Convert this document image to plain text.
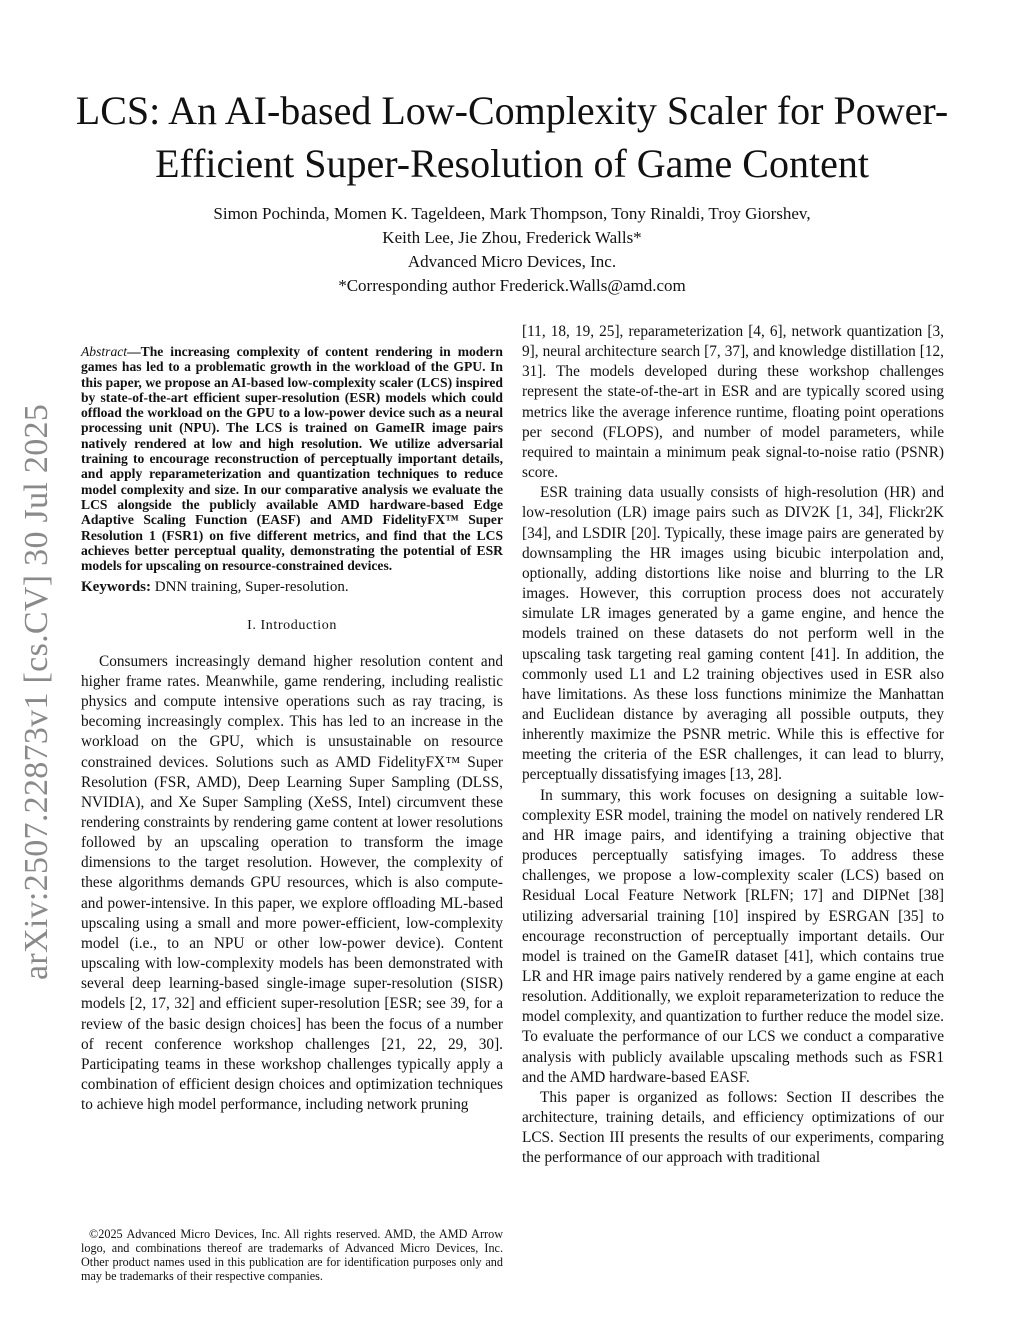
arXiv:2507.22873v1 [cs.CV] 30 Jul 2025
LCS: An AI-based Low-Complexity Scaler for Power-Efficient Super-Resolution of Game Content
Simon Pochinda, Momen K. Tageldeen, Mark Thompson, Tony Rinaldi, Troy Giorshev,
Keith Lee, Jie Zhou, Frederick Walls*
Advanced Micro Devices, Inc.
*Corresponding author Frederick.Walls@amd.com
Abstract—The increasing complexity of content rendering in modern games has led to a problematic growth in the workload of the GPU. In this paper, we propose an AI-based low-complexity scaler (LCS) inspired by state-of-the-art efficient super-resolution (ESR) models which could offload the workload on the GPU to a low-power device such as a neural processing unit (NPU). The LCS is trained on GameIR image pairs natively rendered at low and high resolution. We utilize adversarial training to encourage reconstruction of perceptually important details, and apply reparameterization and quantization techniques to reduce model complexity and size. In our comparative analysis we evaluate the LCS alongside the publicly available AMD hardware-based Edge Adaptive Scaling Function (EASF) and AMD FidelityFX™ Super Resolution 1 (FSR1) on five different metrics, and find that the LCS achieves better perceptual quality, demonstrating the potential of ESR models for upscaling on resource-constrained devices.
Keywords: DNN training, Super-resolution.
I. Introduction

Consumers increasingly demand higher resolution content and higher frame rates. Meanwhile, game rendering, including realistic physics and compute intensive operations such as ray tracing, is becoming increasingly complex. This has led to an increase in the workload on the GPU, which is unsustainable on resource constrained devices. Solutions such as AMD FidelityFX™ Super Resolution (FSR, AMD), Deep Learning Super Sampling (DLSS, NVIDIA), and Xe Super Sampling (XeSS, Intel) circumvent these rendering constraints by rendering game content at lower resolutions followed by an upscaling operation to transform the image dimensions to the target resolution. However, the complexity of these algorithms demands GPU resources, which is also compute- and power-intensive. In this paper, we explore offloading ML-based upscaling using a small and more power-efficient, low-complexity model (i.e., to an NPU or other low-power device). Content upscaling with low-complexity models has been demonstrated with several deep learning-based single-image super-resolution (SISR) models [2, 17, 32] and efficient super-resolution [ESR; see 39, for a review of the basic design choices] has been the focus of a number of recent conference workshop challenges [21, 22, 29, 30]. Participating teams in these workshop challenges typically apply a combination of efficient design choices and optimization techniques to achieve high model performance, including network pruning

[11, 18, 19, 25], reparameterization [4, 6], network quantization [3, 9], neural architecture search [7, 37], and knowledge distillation [12, 31]. The models developed during these workshop challenges represent the state-of-the-art in ESR and are typically scored using metrics like the average inference runtime, floating point operations per second (FLOPS), and number of model parameters, while required to maintain a minimum peak signal-to-noise ratio (PSNR) score.

ESR training data usually consists of high-resolution (HR) and low-resolution (LR) image pairs such as DIV2K [1, 34], Flickr2K [34], and LSDIR [20]. Typically, these image pairs are generated by downsampling the HR images using bicubic interpolation and, optionally, adding distortions like noise and blurring to the LR images. However, this corruption process does not accurately simulate LR images generated by a game engine, and hence the models trained on these datasets do not perform well in the upscaling task targeting real gaming content [41]. In addition, the commonly used L1 and L2 training objectives used in ESR also have limitations. As these loss functions minimize the Manhattan and Euclidean distance by averaging all possible outputs, they inherently maximize the PSNR metric. While this is effective for meeting the criteria of the ESR challenges, it can lead to blurry, perceptually dissatisfying images [13, 28].

In summary, this work focuses on designing a suitable low-complexity ESR model, training the model on natively rendered LR and HR image pairs, and identifying a training objective that produces perceptually satisfying images. To address these challenges, we propose a low-complexity scaler (LCS) based on Residual Local Feature Network [RLFN; 17] and DIPNet [38] utilizing adversarial training [10] inspired by ESRGAN [35] to encourage reconstruction of perceptually important details. Our model is trained on the GameIR dataset [41], which contains true LR and HR image pairs natively rendered by a game engine at each resolution. Additionally, we exploit reparameterization to reduce the model complexity, and quantization to further reduce the model size. To evaluate the performance of our LCS we conduct a comparative analysis with publicly available upscaling methods such as FSR1 and the AMD hardware-based EASF.

This paper is organized as follows: Section II describes the architecture, training details, and efficiency optimizations of our LCS. Section III presents the results of our experiments, comparing the performance of our approach with traditional

©2025 Advanced Micro Devices, Inc. All rights reserved. AMD, the AMD Arrow logo, and combinations thereof are trademarks of Advanced Micro Devices, Inc. Other product names used in this publication are for identification purposes only and may be trademarks of their respective companies.
